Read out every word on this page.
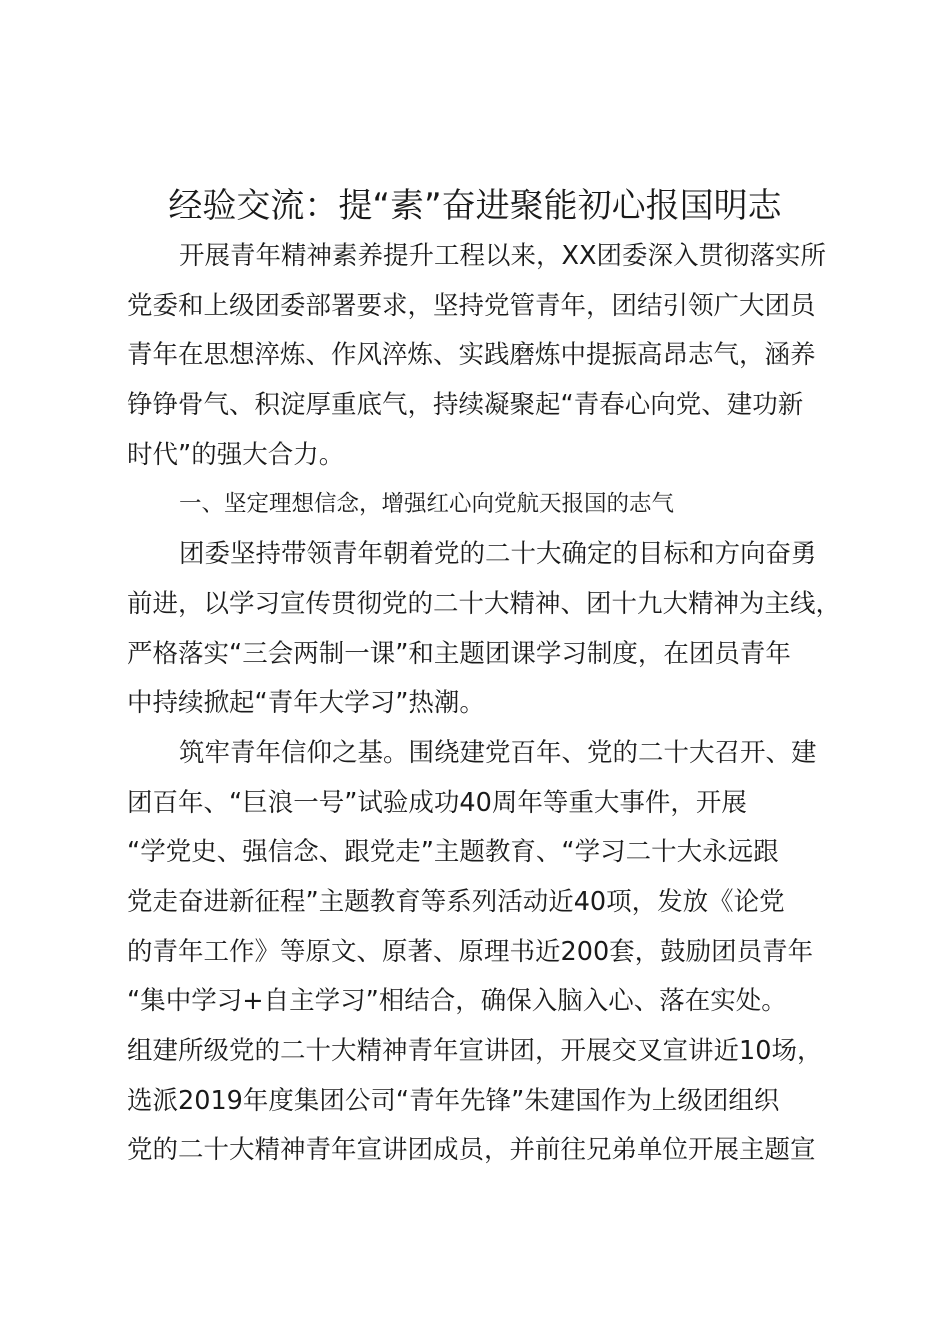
经验交流：提“素”奋进聚能初心报国明志

开展青年精神素养提升工程以来，XX团委深入贯彻落实所

党委和上级团委部署要求，坚持党管青年，团结引领广大团员

青年在思想淬炼、作风淬炼、实践磨炼中提振高昂志气，涵养

铮铮骨气、积淀厚重底气，持续凝聚起“青春心向党、建功新

时代”的强大合力。

一、坚定理想信念，增强红心向党航天报国的志气

团委坚持带领青年朝着党的二十大确定的目标和方向奋勇

前进，以学习宣传贯彻党的二十大精神、团十九大精神为主线，

严格落实“三会两制一课”和主题团课学习制度，在团员青年

中持续掀起“青年大学习”热潮。

筑牢青年信仰之基。围绕建党百年、党的二十大召开、建

团百年、“巨浪一号”试验成功40周年等重大事件，开展

“学党史、强信念、跟党走”主题教育、“学习二十大永远跟

党走奋进新征程”主题教育等系列活动近40项，发放《论党

的青年工作》等原文、原著、原理书近200套，鼓励团员青年

“集中学习+自主学习”相结合，确保入脑入心、落在实处。

组建所级党的二十大精神青年宣讲团，开展交叉宣讲近10场，

选派2019年度集团公司“青年先锋”朱建国作为上级团组织

党的二十大精神青年宣讲团成员，并前往兄弟单位开展主题宣
